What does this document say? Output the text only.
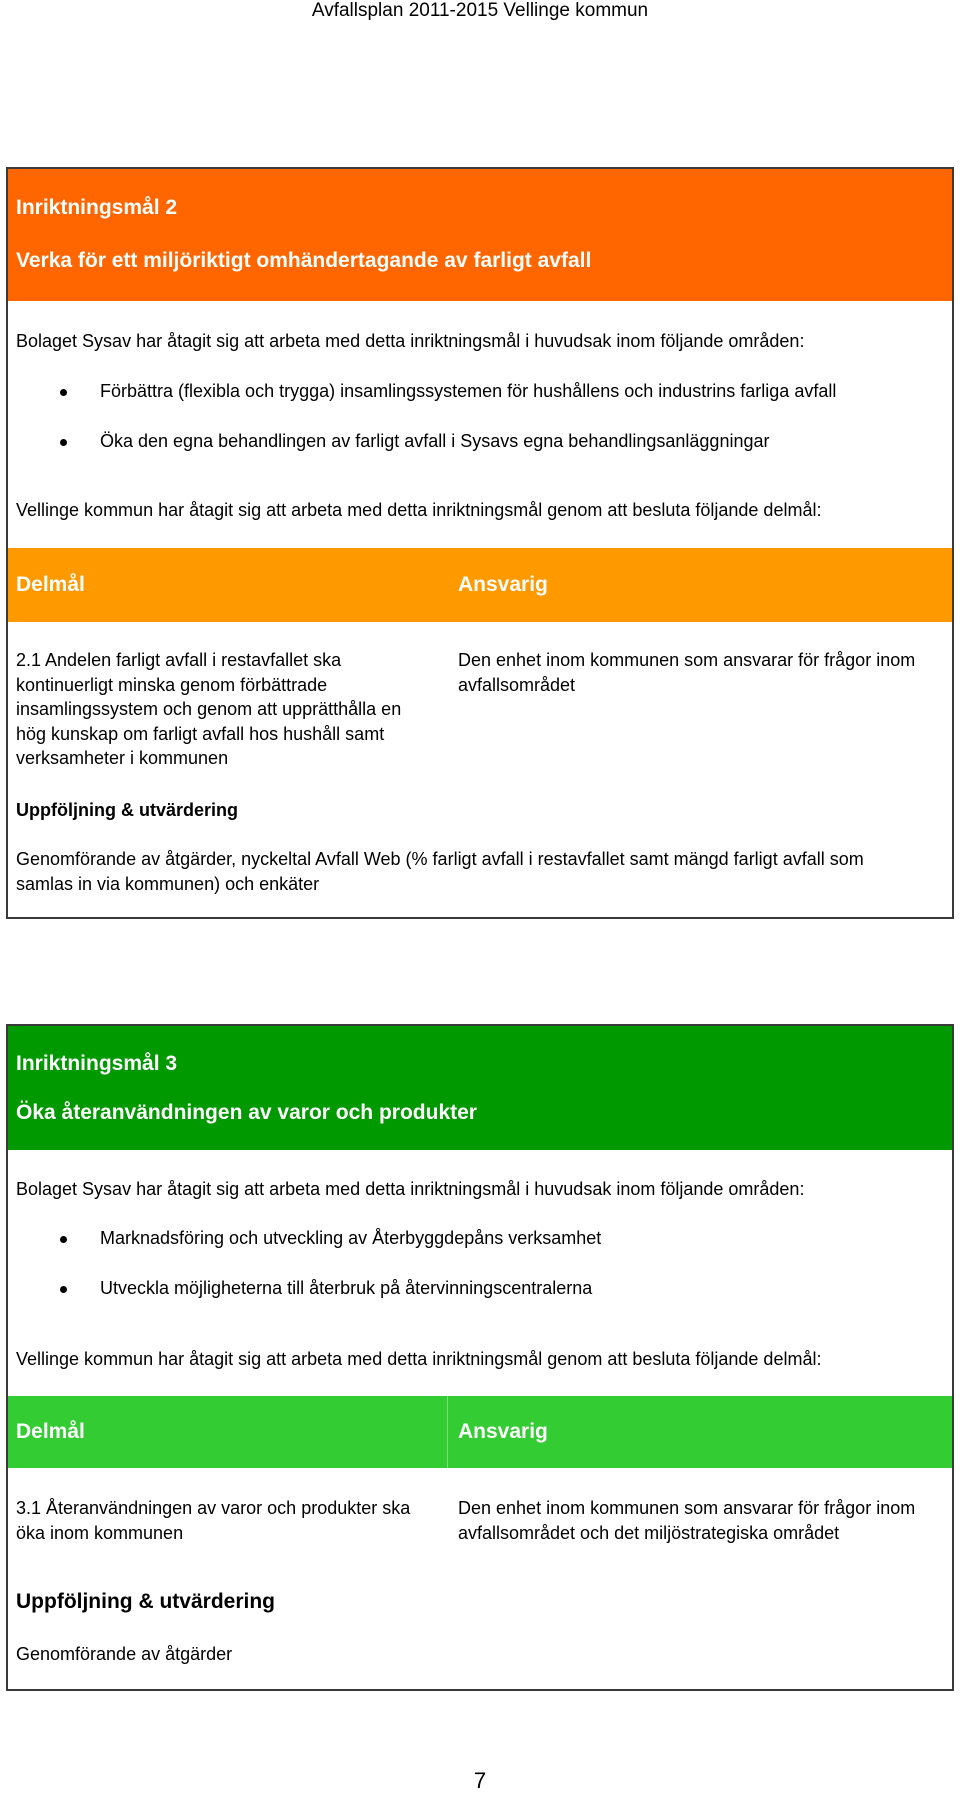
Avfallsplan 2011-2015 Vellinge kommun
Inriktningsmål 2
Verka för ett miljöriktigt omhändertagande av farligt avfall
Bolaget Sysav har åtagit sig att arbeta med detta inriktningsmål i huvudsak inom följande områden:
Förbättra (flexibla och trygga) insamlingssystemen för hushållens och industrins farliga avfall
Öka den egna behandlingen av farligt avfall i Sysavs egna behandlingsanläggningar
Vellinge kommun har åtagit sig att arbeta med detta inriktningsmål genom att besluta följande delmål:
Delmål	Ansvarig
2.1 Andelen farligt avfall i restavfallet ska
kontinuerligt minska genom förbättrade
insamlingssystem och genom att upprätthålla en
hög kunskap om farligt avfall hos hushåll samt
verksamheter i kommunen
Den enhet inom kommunen som ansvarar för frågor inom
avfallsområdet
Uppföljning & utvärdering
Genomförande av åtgärder, nyckeltal Avfall Web (% farligt avfall i restavfallet samt mängd farligt avfall som
samlas in via kommunen) och enkäter
Inriktningsmål 3
Öka återanvändningen av varor och produkter
Bolaget Sysav har åtagit sig att arbeta med detta inriktningsmål i huvudsak inom följande områden:
Marknadsföring och utveckling av Återbyggdepåns verksamhet
Utveckla möjligheterna till återbruk på återvinningscentralerna
Vellinge kommun har åtagit sig att arbeta med detta inriktningsmål genom att besluta följande delmål:
Delmål	Ansvarig
3.1 Återanvändningen av varor och produkter ska
öka inom kommunen
Den enhet inom kommunen som ansvarar för frågor inom
avfallsområdet och det miljöstrategiska området
Uppföljning & utvärdering
Genomförande av åtgärder
7
